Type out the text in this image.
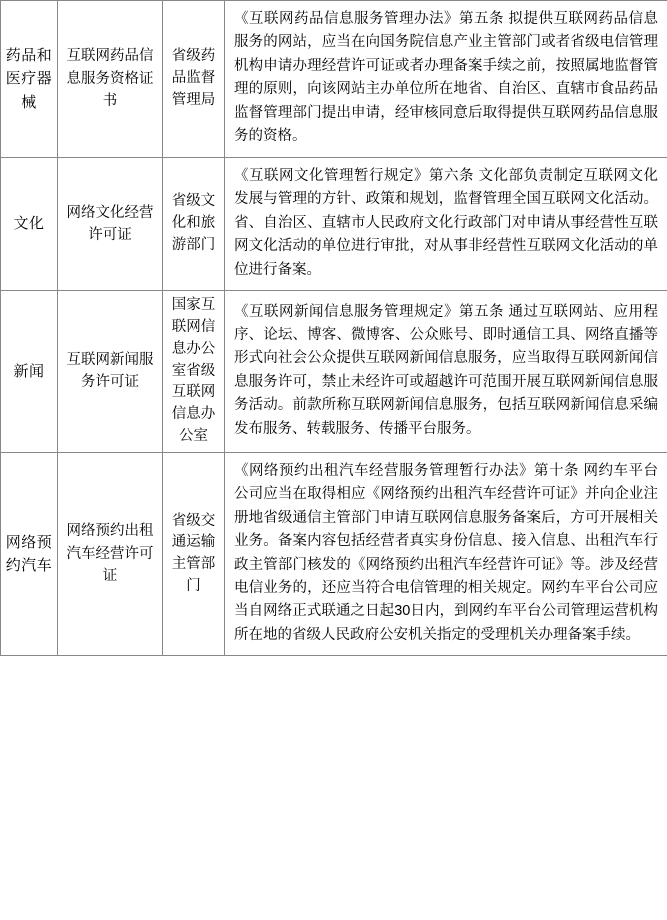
药品和医疗器械	互联网药品信息服务资格证书	省级药品监督管理局	《互联网药品信息服务管理办法》第五条 拟提供互联网药品信息服务的网站，应当在向国务院信息产业主管部门或者省级电信管理机构申请办理经营许可证或者办理备案手续之前，按照属地监督管理的原则，向该网站主办单位所在地省、自治区、直辖市食品药品监督管理部门提出申请，经审核同意后取得提供互联网药品信息服务的资格。

文化	网络文化经营许可证	省级文化和旅游部门	《互联网文化管理暂行规定》第六条 文化部负责制定互联网文化发展与管理的方针、政策和规划，监督管理全国互联网文化活动。省、自治区、直辖市人民政府文化行政部门对申请从事经营性互联网文化活动的单位进行审批，对从事非经营性互联网文化活动的单位进行备案。

新闻	互联网新闻服务许可证	国家互联网信息办公室省级互联网信息办公室	《互联网新闻信息服务管理规定》第五条 通过互联网站、应用程序、论坛、博客、微博客、公众账号、即时通信工具、网络直播等形式向社会公众提供互联网新闻信息服务，应当取得互联网新闻信息服务许可，禁止未经许可或超越许可范围开展互联网新闻信息服务活动。前款所称互联网新闻信息服务，包括互联网新闻信息采编发布服务、转载服务、传播平台服务。

网络预约汽车	网络预约出租汽车经营许可证	省级交通运输主管部门	《网络预约出租汽车经营服务管理暂行办法》第十条 网约车平台公司应当在取得相应《网络预约出租汽车经营许可证》并向企业注册地省级通信主管部门申请互联网信息服务备案后，方可开展相关业务。备案内容包括经营者真实身份信息、接入信息、出租汽车行政主管部门核发的《网络预约出租汽车经营许可证》等。涉及经营电信业务的，还应当符合电信管理的相关规定。网约车平台公司应当自网络正式联通之日起30日内，到网约车平台公司管理运营机构所在地的省级人民政府公安机关指定的受理机关办理备案手续。
